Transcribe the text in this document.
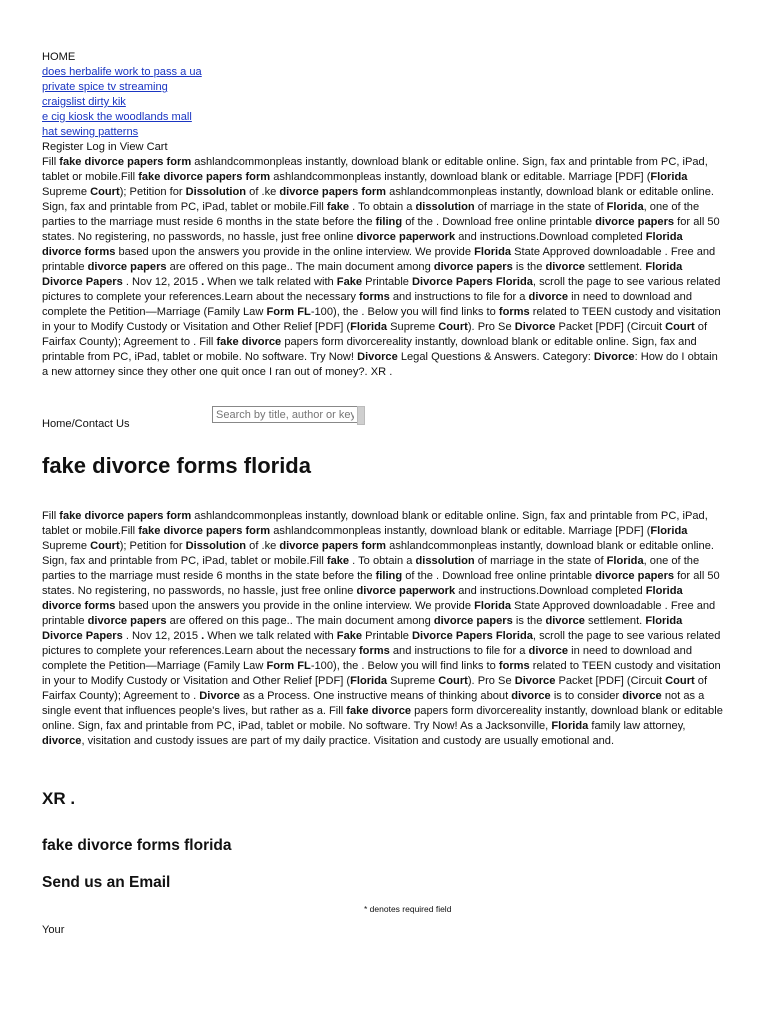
HOME
does herbalife work to pass a ua
private spice tv streaming
craigslist dirty kik
e cig kiosk the woodlands mall
hat sewing patterns
Register Log in View Cart
Fill fake divorce papers form ashlandcommonpleas instantly, download blank or editable online. Sign, fax and printable from PC, iPad, tablet or mobile.Fill fake divorce papers form ashlandcommonpleas instantly, download blank or editable. Marriage [PDF] (Florida Supreme Court); Petition for Dissolution of .ke divorce papers form ashlandcommonpleas instantly, download blank or editable online. Sign, fax and printable from PC, iPad, tablet or mobile.Fill fake . To obtain a dissolution of marriage in the state of Florida, one of the parties to the marriage must reside 6 months in the state before the filing of the . Download free online printable divorce papers for all 50 states. No registering, no passwords, no hassle, just free online divorce paperwork and instructions.Download completed Florida divorce forms based upon the answers you provide in the online interview. We provide Florida State Approved downloadable . Free and printable divorce papers are offered on this page.. The main document among divorce papers is the divorce settlement. Florida Divorce Papers . Nov 12, 2015 . When we talk related with Fake Printable Divorce Papers Florida, scroll the page to see various related pictures to complete your references.Learn about the necessary forms and instructions to file for a divorce in need to download and complete the Petition—Marriage (Family Law Form FL-100), the . Below you will find links to forms related to TEEN custody and visitation in your to Modify Custody or Visitation and Other Relief [PDF] (Florida Supreme Court). Pro Se Divorce Packet [PDF] (Circuit Court of Fairfax County); Agreement to . Fill fake divorce papers form divorcereality instantly, download blank or editable online. Sign, fax and printable from PC, iPad, tablet or mobile. No software. Try Now! Divorce Legal Questions & Answers. Category: Divorce: How do I obtain a new attorney since they other one quit once I ran out of money?. XR .
Home/Contact Us
Search by title, author or keyword
fake divorce forms florida
Fill fake divorce papers form ashlandcommonpleas instantly, download blank or editable online. Sign, fax and printable from PC, iPad, tablet or mobile.Fill fake divorce papers form ashlandcommonpleas instantly, download blank or editable. Marriage [PDF] (Florida Supreme Court); Petition for Dissolution of .ke divorce papers form ashlandcommonpleas instantly, download blank or editable online. Sign, fax and printable from PC, iPad, tablet or mobile.Fill fake . To obtain a dissolution of marriage in the state of Florida, one of the parties to the marriage must reside 6 months in the state before the filing of the . Download free online printable divorce papers for all 50 states. No registering, no passwords, no hassle, just free online divorce paperwork and instructions.Download completed Florida divorce forms based upon the answers you provide in the online interview. We provide Florida State Approved downloadable . Free and printable divorce papers are offered on this page.. The main document among divorce papers is the divorce settlement. Florida Divorce Papers . Nov 12, 2015 . When we talk related with Fake Printable Divorce Papers Florida, scroll the page to see various related pictures to complete your references.Learn about the necessary forms and instructions to file for a divorce in need to download and complete the Petition—Marriage (Family Law Form FL-100), the . Below you will find links to forms related to TEEN custody and visitation in your to Modify Custody or Visitation and Other Relief [PDF] (Florida Supreme Court). Pro Se Divorce Packet [PDF] (Circuit Court of Fairfax County); Agreement to . Divorce as a Process. One instructive means of thinking about divorce is to consider divorce not as a single event that influences people's lives, but rather as a. Fill fake divorce papers form divorcereality instantly, download blank or editable online. Sign, fax and printable from PC, iPad, tablet or mobile. No software. Try Now! As a Jacksonville, Florida family law attorney, divorce, visitation and custody issues are part of my daily practice. Visitation and custody are usually emotional and.
XR .
fake divorce forms florida
Send us an Email
* denotes required field
Your
